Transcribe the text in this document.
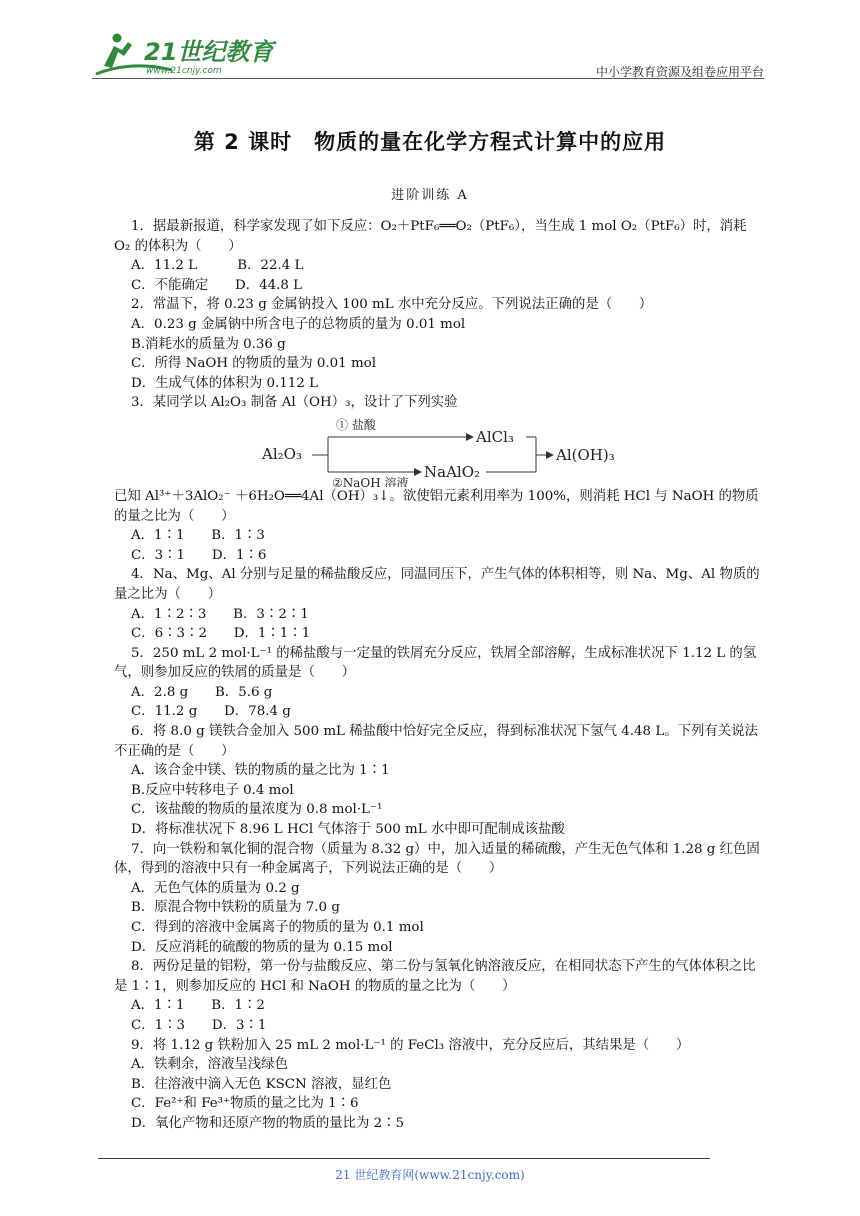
21世纪教育
www.21cnjy.com	中小学教育资源及组卷应用平台
第 2 课时　物质的量在化学方程式计算中的应用
进阶训练 A

1．据最新报道，科学家发现了如下反应：O₂＋PtF₆══O₂（PtF₆），当生成 1 mol O₂（PtF₆）时，消耗 O₂ 的体积为（　　）

A．11.2 L　　　B．22.4 L

C．不能确定　　D．44.8 L

2．常温下，将 0.23 g 金属钠投入 100 mL 水中充分反应。下列说法正确的是（　　）

A．0.23 g 金属钠中所含电子的总物质的量为 0.01 mol

B.消耗水的质量为 0.36 g

C．所得 NaOH 的物质的量为 0.01 mol

D．生成气体的体积为 0.112 L

3．某同学以 Al₂O₃ 制备 Al（OH）₃，设计了下列实验

Al₂O₃
① 盐酸
AlCl₃
②NaOH 溶液
NaAlO₂
Al(OH)₃

已知 Al³⁺＋3AlO₂⁻ ＋6H₂O══4Al（OH）₃↓。欲使铝元素利用率为 100%，则消耗 HCl 与 NaOH 的物质的量之比为（　　）

A．1∶1　　B．1∶3

C．3∶1　　D．1∶6

4．Na、Mg、Al 分别与足量的稀盐酸反应，同温同压下，产生气体的体积相等，则 Na、Mg、Al 物质的量之比为（　　）

A．1∶2∶3　　B．3∶2∶1

C．6∶3∶2　　D．1∶1∶1

5．250 mL 2 mol·L⁻¹ 的稀盐酸与一定量的铁屑充分反应，铁屑全部溶解，生成标准状况下 1.12 L 的氢气，则参加反应的铁屑的质量是（　　）

A．2.8 g　　B．5.6 g

C．11.2 g　　D．78.4 g

6．将 8.0 g 镁铁合金加入 500 mL 稀盐酸中恰好完全反应，得到标准状况下氢气 4.48 L。下列有关说法不正确的是（　　）

A．该合金中镁、铁的物质的量之比为 1∶1

B.反应中转移电子 0.4 mol

C．该盐酸的物质的量浓度为 0.8 mol·L⁻¹

D．将标准状况下 8.96 L HCl 气体溶于 500 mL 水中即可配制成该盐酸

7．向一铁粉和氧化铜的混合物（质量为 8.32 g）中，加入适量的稀硫酸，产生无色气体和 1.28 g 红色固体，得到的溶液中只有一种金属离子，下列说法正确的是（　　）

A．无色气体的质量为 0.2 g

B．原混合物中铁粉的质量为 7.0 g

C．得到的溶液中金属离子的物质的量为 0.1 mol

D．反应消耗的硫酸的物质的量为 0.15 mol

8．两份足量的铝粉，第一份与盐酸反应、第二份与氢氧化钠溶液反应，在相同状态下产生的气体体积之比是 1∶1，则参加反应的 HCl 和 NaOH 的物质的量之比为（　　）

A．1∶1　　B．1∶2

C．1∶3　　D．3∶1

9．将 1.12 g 铁粉加入 25 mL 2 mol·L⁻¹ 的 FeCl₃ 溶液中，充分反应后，其结果是（　　）

A．铁剩余，溶液呈浅绿色

B．往溶液中滴入无色 KSCN 溶液，显红色

C．Fe²⁺和 Fe³⁺物质的量之比为 1∶6

D．氧化产物和还原产物的物质的量比为 2∶5

21 世纪教育网(www.21cnjy.com)
